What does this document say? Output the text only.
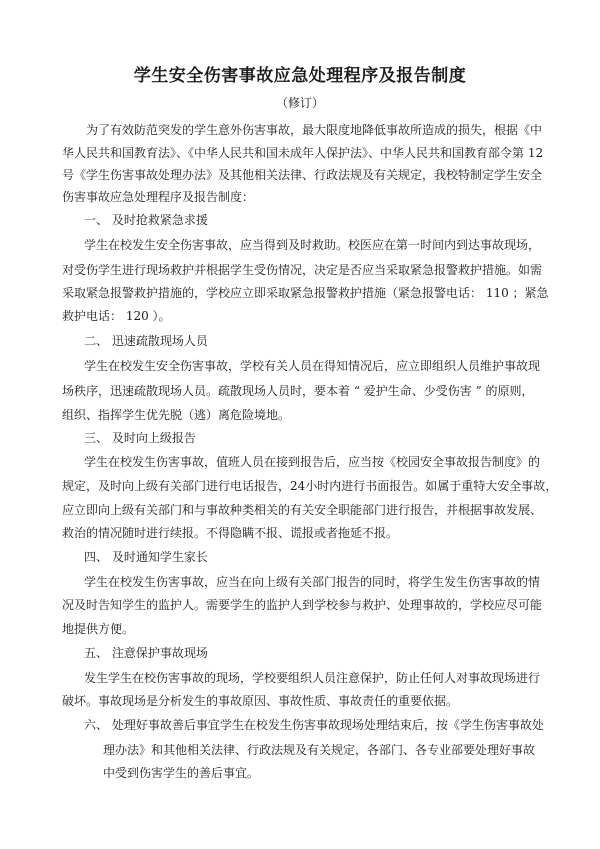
学生安全伤害事故应急处理程序及报告制度
（修订）
为了有效防范突发的学生意外伤害事故，最大限度地降低事故所造成的损失，根据《中
华人民共和国教育法》、《中华人民共和国未成年人保护法》、中华人民共和国教育部令第 12
号《学生伤害事故处理办法》及其他相关法律、行政法规及有关规定，我校特制定学生安全
伤害事故应急处理程序及报告制度：
一、 及时抢救紧急求援
学生在校发生安全伤害事故，应当得到及时救助。校医应在第一时间内到达事故现场，
对受伤学生进行现场救护并根据学生受伤情况，决定是否应当采取紧急报警救护措施。如需
采取紧急报警救护措施的，学校应立即采取紧急报警救护措施（紧急报警电话： 110 ；紧急
救护电话： 120 ）。
二、 迅速疏散现场人员
学生在校发生安全伤害事故，学校有关人员在得知情况后，应立即组织人员维护事故现
场秩序，迅速疏散现场人员。疏散现场人员时，要本着 “ 爱护生命、少受伤害 ” 的原则，
组织、指挥学生优先脱（逃）离危险境地。
三、 及时向上级报告
学生在校发生伤害事故，值班人员在接到报告后，应当按《校园安全事故报告制度》的
规定，及时向上级有关部门进行电话报告，24小时内进行书面报告。如属于重特大安全事故，
应立即向上级有关部门和与事故种类相关的有关安全职能部门进行报告，并根据事故发展、
救治的情况随时进行续报。不得隐瞒不报、谎报或者拖延不报。
四、 及时通知学生家长
学生在校发生伤害事故，应当在向上级有关部门报告的同时，将学生发生伤害事故的情
况及时告知学生的监护人。需要学生的监护人到学校参与救护、处理事故的，学校应尽可能
地提供方便。
五、 注意保护事故现场
发生学生在校伤害事故的现场，学校要组织人员注意保护，防止任何人对事故现场进行
破坏。事故现场是分析发生的事故原因、事故性质、事故责任的重要依据。
六、 处理好事故善后事宜学生在校发生伤害事故现场处理结束后，按《学生伤害事故处
理办法》和其他相关法律、行政法规及有关规定，各部门、各专业部要处理好事故
中受到伤害学生的善后事宜。
